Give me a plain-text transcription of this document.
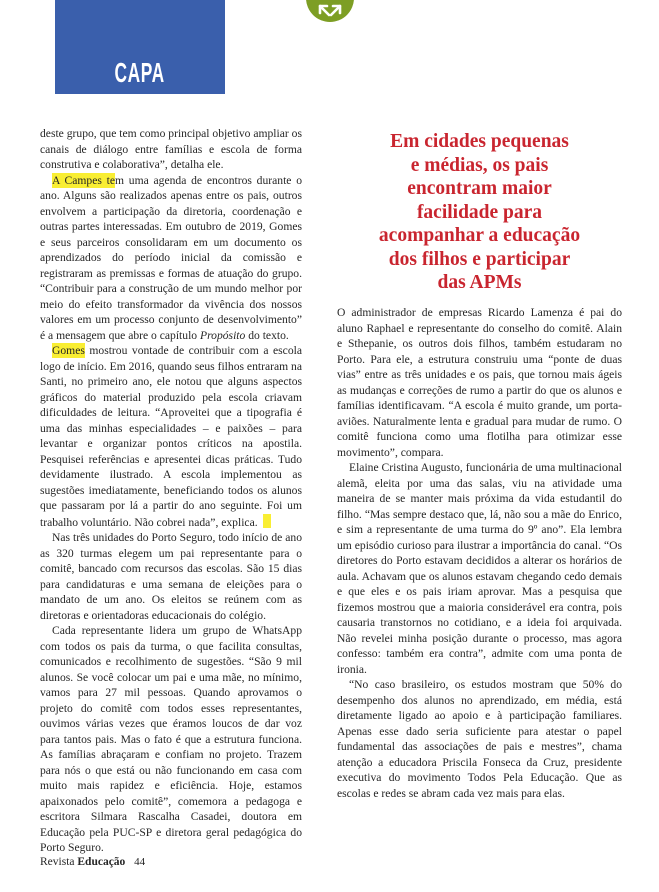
CAPA

deste grupo, que tem como principal objetivo ampliar os canais de diálogo entre famílias e escola de forma construtiva e colaborativa”, detalha ele.

A Campes tem uma agenda de encontros durante o ano. Alguns são realizados apenas entre os pais, outros envolvem a participação da diretoria, coordenação e outras partes interessadas. Em outubro de 2019, Gomes e seus parceiros consolidaram em um documento os aprendizados do período inicial da comissão e registraram as premissas e formas de atuação do grupo. “Contribuir para a construção de um mundo melhor por meio do efeito transformador da vivência dos nossos valores em um processo conjunto de desenvolvimento” é a mensagem que abre o capítulo Propósito do texto.

Gomes mostrou vontade de contribuir com a escola logo de início. Em 2016, quando seus filhos entraram na Santi, no primeiro ano, ele notou que alguns aspectos gráficos do material produzido pela escola criavam dificuldades de leitura. “Aproveitei que a tipografia é uma das minhas especialidades – e paixões – para levantar e organizar pontos críticos na apostila. Pesquisei referências e apresentei dicas práticas. Tudo devidamente ilustrado. A escola implementou as sugestões imediatamente, beneficiando todos os alunos que passaram por lá a partir do ano seguinte. Foi um trabalho voluntário. Não cobrei nada”, explica.

Nas três unidades do Porto Seguro, todo início de ano as 320 turmas elegem um pai representante para o comitê, bancado com recursos das escolas. São 15 dias para candidaturas e uma semana de eleições para o mandato de um ano. Os eleitos se reúnem com as diretoras e orientadoras educacionais do colégio.

Cada representante lidera um grupo de WhatsApp com todos os pais da turma, o que facilita consultas, comunicados e recolhimento de sugestões. “São 9 mil alunos. Se você colocar um pai e uma mãe, no mínimo, vamos para 27 mil pessoas. Quando aprovamos o projeto do comitê com todos esses representantes, ouvimos várias vezes que éramos loucos de dar voz para tantos pais. Mas o fato é que a estrutura funciona. As famílias abraçaram e confiam no projeto. Trazem para nós o que está ou não funcionando em casa com muito mais rapidez e eficiência. Hoje, estamos apaixonados pelo comitê”, comemora a pedagoga e escritora Silmara Rascalha Casadei, doutora em Educação pela PUC-SP e diretora geral pedagógica do Porto Seguro.

Em cidades pequenas
e médias, os pais
encontram maior
facilidade para
acompanhar a educação
dos filhos e participar
das APMs

O administrador de empresas Ricardo Lamenza é pai do aluno Raphael e representante do conselho do comitê. Alain e Sthepanie, os outros dois filhos, também estudaram no Porto. Para ele, a estrutura construiu uma “ponte de duas vias” entre as três unidades e os pais, que tornou mais ágeis as mudanças e correções de rumo a partir do que os alunos e famílias identificavam. “A escola é muito grande, um porta-aviões. Naturalmente lenta e gradual para mudar de rumo. O comitê funciona como uma flotilha para otimizar esse movimento”, compara.

Elaine Cristina Augusto, funcionária de uma multinacional alemã, eleita por uma das salas, viu na atividade uma maneira de se manter mais próxima da vida estudantil do filho. “Mas sempre destaco que, lá, não sou a mãe do Enrico, e sim a representante de uma turma do 9º ano”. Ela lembra um episódio curioso para ilustrar a importância do canal. “Os diretores do Porto estavam decididos a alterar os horários de aula. Achavam que os alunos estavam chegando cedo demais e que eles e os pais iriam aprovar. Mas a pesquisa que fizemos mostrou que a maioria considerável era contra, pois causaria transtornos no cotidiano, e a ideia foi arquivada. Não revelei minha posição durante o processo, mas agora confesso: também era contra”, admite com uma ponta de ironia.

“No caso brasileiro, os estudos mostram que 50% do desempenho dos alunos no aprendizado, em média, está diretamente ligado ao apoio e à participação familiares. Apenas esse dado seria suficiente para atestar o papel fundamental das associações de pais e mestres”, chama atenção a educadora Priscila Fonseca da Cruz, presidente executiva do movimento Todos Pela Educação. Que as escolas e redes se abram cada vez mais para elas.

Revista Educação 44
